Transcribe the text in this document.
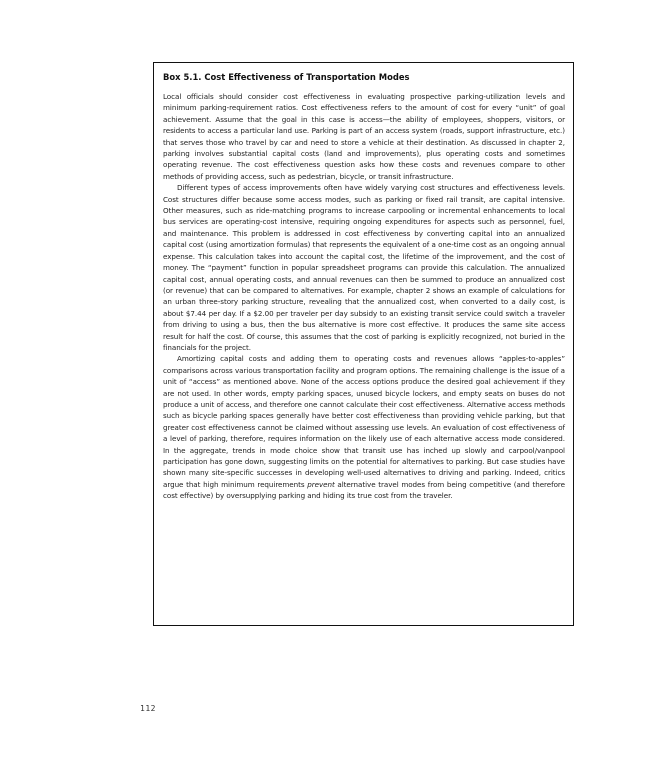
Box 5.1. Cost Effectiveness of Transportation Modes

Local officials should consider cost effectiveness in evaluating prospective parking-utilization levels and minimum parking-requirement ratios. Cost effectiveness refers to the amount of cost for every “unit” of goal achievement. Assume that the goal in this case is access—the ability of employees, shoppers, visitors, or residents to access a particular land use. Parking is part of an access system (roads, support infrastructure, etc.) that serves those who travel by car and need to store a vehicle at their destination. As discussed in chapter 2, parking involves substantial capital costs (land and improvements), plus operating costs and sometimes operating revenue. The cost effectiveness question asks how these costs and revenues compare to other methods of providing access, such as pedestrian, bicycle, or transit infrastructure.

Different types of access improvements often have widely varying cost structures and effectiveness levels. Cost structures differ because some access modes, such as parking or fixed rail transit, are capital intensive. Other measures, such as ride-matching programs to increase carpooling or incremental enhancements to local bus services are operating-cost intensive, requiring ongoing expenditures for aspects such as personnel, fuel, and maintenance. This problem is addressed in cost effectiveness by converting capital into an annualized capital cost (using amortization formulas) that represents the equivalent of a one-time cost as an ongoing annual expense. This calculation takes into account the capital cost, the lifetime of the improvement, and the cost of money. The “payment” function in popular spreadsheet programs can provide this calculation. The annualized capital cost, annual operating costs, and annual revenues can then be summed to produce an annualized cost (or revenue) that can be compared to alternatives. For example, chapter 2 shows an example of calculations for an urban three-story parking structure, revealing that the annualized cost, when converted to a daily cost, is about $7.44 per day. If a $2.00 per traveler per day subsidy to an existing transit service could switch a traveler from driving to using a bus, then the bus alternative is more cost effective. It produces the same site access result for half the cost. Of course, this assumes that the cost of parking is explicitly recognized, not buried in the financials for the project.

Amortizing capital costs and adding them to operating costs and revenues allows “apples-to-apples” comparisons across various transportation facility and program options. The remaining challenge is the issue of a unit of “access” as mentioned above. None of the access options produce the desired goal achievement if they are not used. In other words, empty parking spaces, unused bicycle lockers, and empty seats on buses do not produce a unit of access, and therefore one cannot calculate their cost effectiveness. Alternative access methods such as bicycle parking spaces generally have better cost effectiveness than providing vehicle parking, but that greater cost effectiveness cannot be claimed without assessing use levels. An evaluation of cost effectiveness of a level of parking, therefore, requires information on the likely use of each alternative access mode considered. In the aggregate, trends in mode choice show that transit use has inched up slowly and carpool/vanpool participation has gone down, suggesting limits on the potential for alternatives to parking. But case studies have shown many site-specific successes in developing well-used alternatives to driving and parking. Indeed, critics argue that high minimum requirements prevent alternative travel modes from being competitive (and therefore cost effective) by oversupplying parking and hiding its true cost from the traveler.

112
